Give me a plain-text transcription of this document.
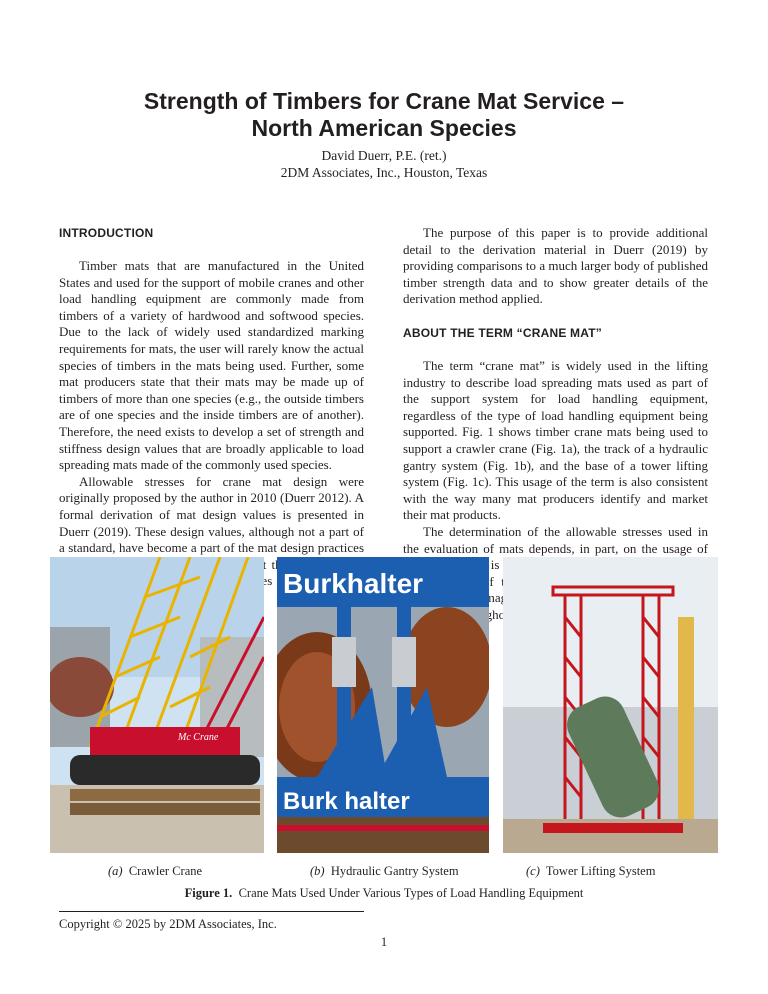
Strength of Timbers for Crane Mat Service –
North American Species
David Duerr, P.E. (ret.)
2DM Associates, Inc., Houston, Texas

INTRODUCTION

Timber mats that are manufactured in the United States and used for the support of mobile cranes and other load handling equipment are commonly made from timbers of a variety of hardwood and softwood species. Due to the lack of widely used standardized marking requirements for mats, the user will rarely know the actual species of timbers in the mats being used. Further, some mat producers state that their mats may be made up of timbers of more than one species (e.g., the outside timbers are of one species and the inside timbers are of another). Therefore, the need exists to develop a set of strength and stiffness design values that are broadly applicable to load spreading mats made of the commonly used species.

Allowable stresses for crane mat design were originally proposed by the author in 2010 (Duerr 2012). A formal derivation of mat design values is presented in Duerr (2019). These design values, although not a part of a standard, have become a part of the mat design practices

The purpose of this paper is to provide additional detail to the derivation material in Duerr (2019) by providing comparisons to a much larger body of published timber strength data and to show greater details of the derivation method applied.

ABOUT THE TERM “CRANE MAT”

The term “crane mat” is widely used in the lifting industry to describe load spreading mats used as part of the support system for load handling equipment, regardless of the type of load handling equipment being supported. Fig. 1 shows timber crane mats being used to support a crawler crane (Fig. 1a), the track of a hydraulic gantry system (Fig. 1b), and the base of a tower lifting system (Fig. 1c). This usage of the term is also consistent with the way many mat producers identify and market their mat products.

The determination of the allowable stresses used in the evaluation of mats depends, in part, on the usage of is

Mc Crane
Burkhalter
Burk halter
(a) Crawler Crane	(b) Hydraulic Gantry System	(c) Tower Lifting System
Figure 1. Crane Mats Used Under Various Types of Load Handling Equipment
Copyright © 2025 by 2DM Associates, Inc.
1
